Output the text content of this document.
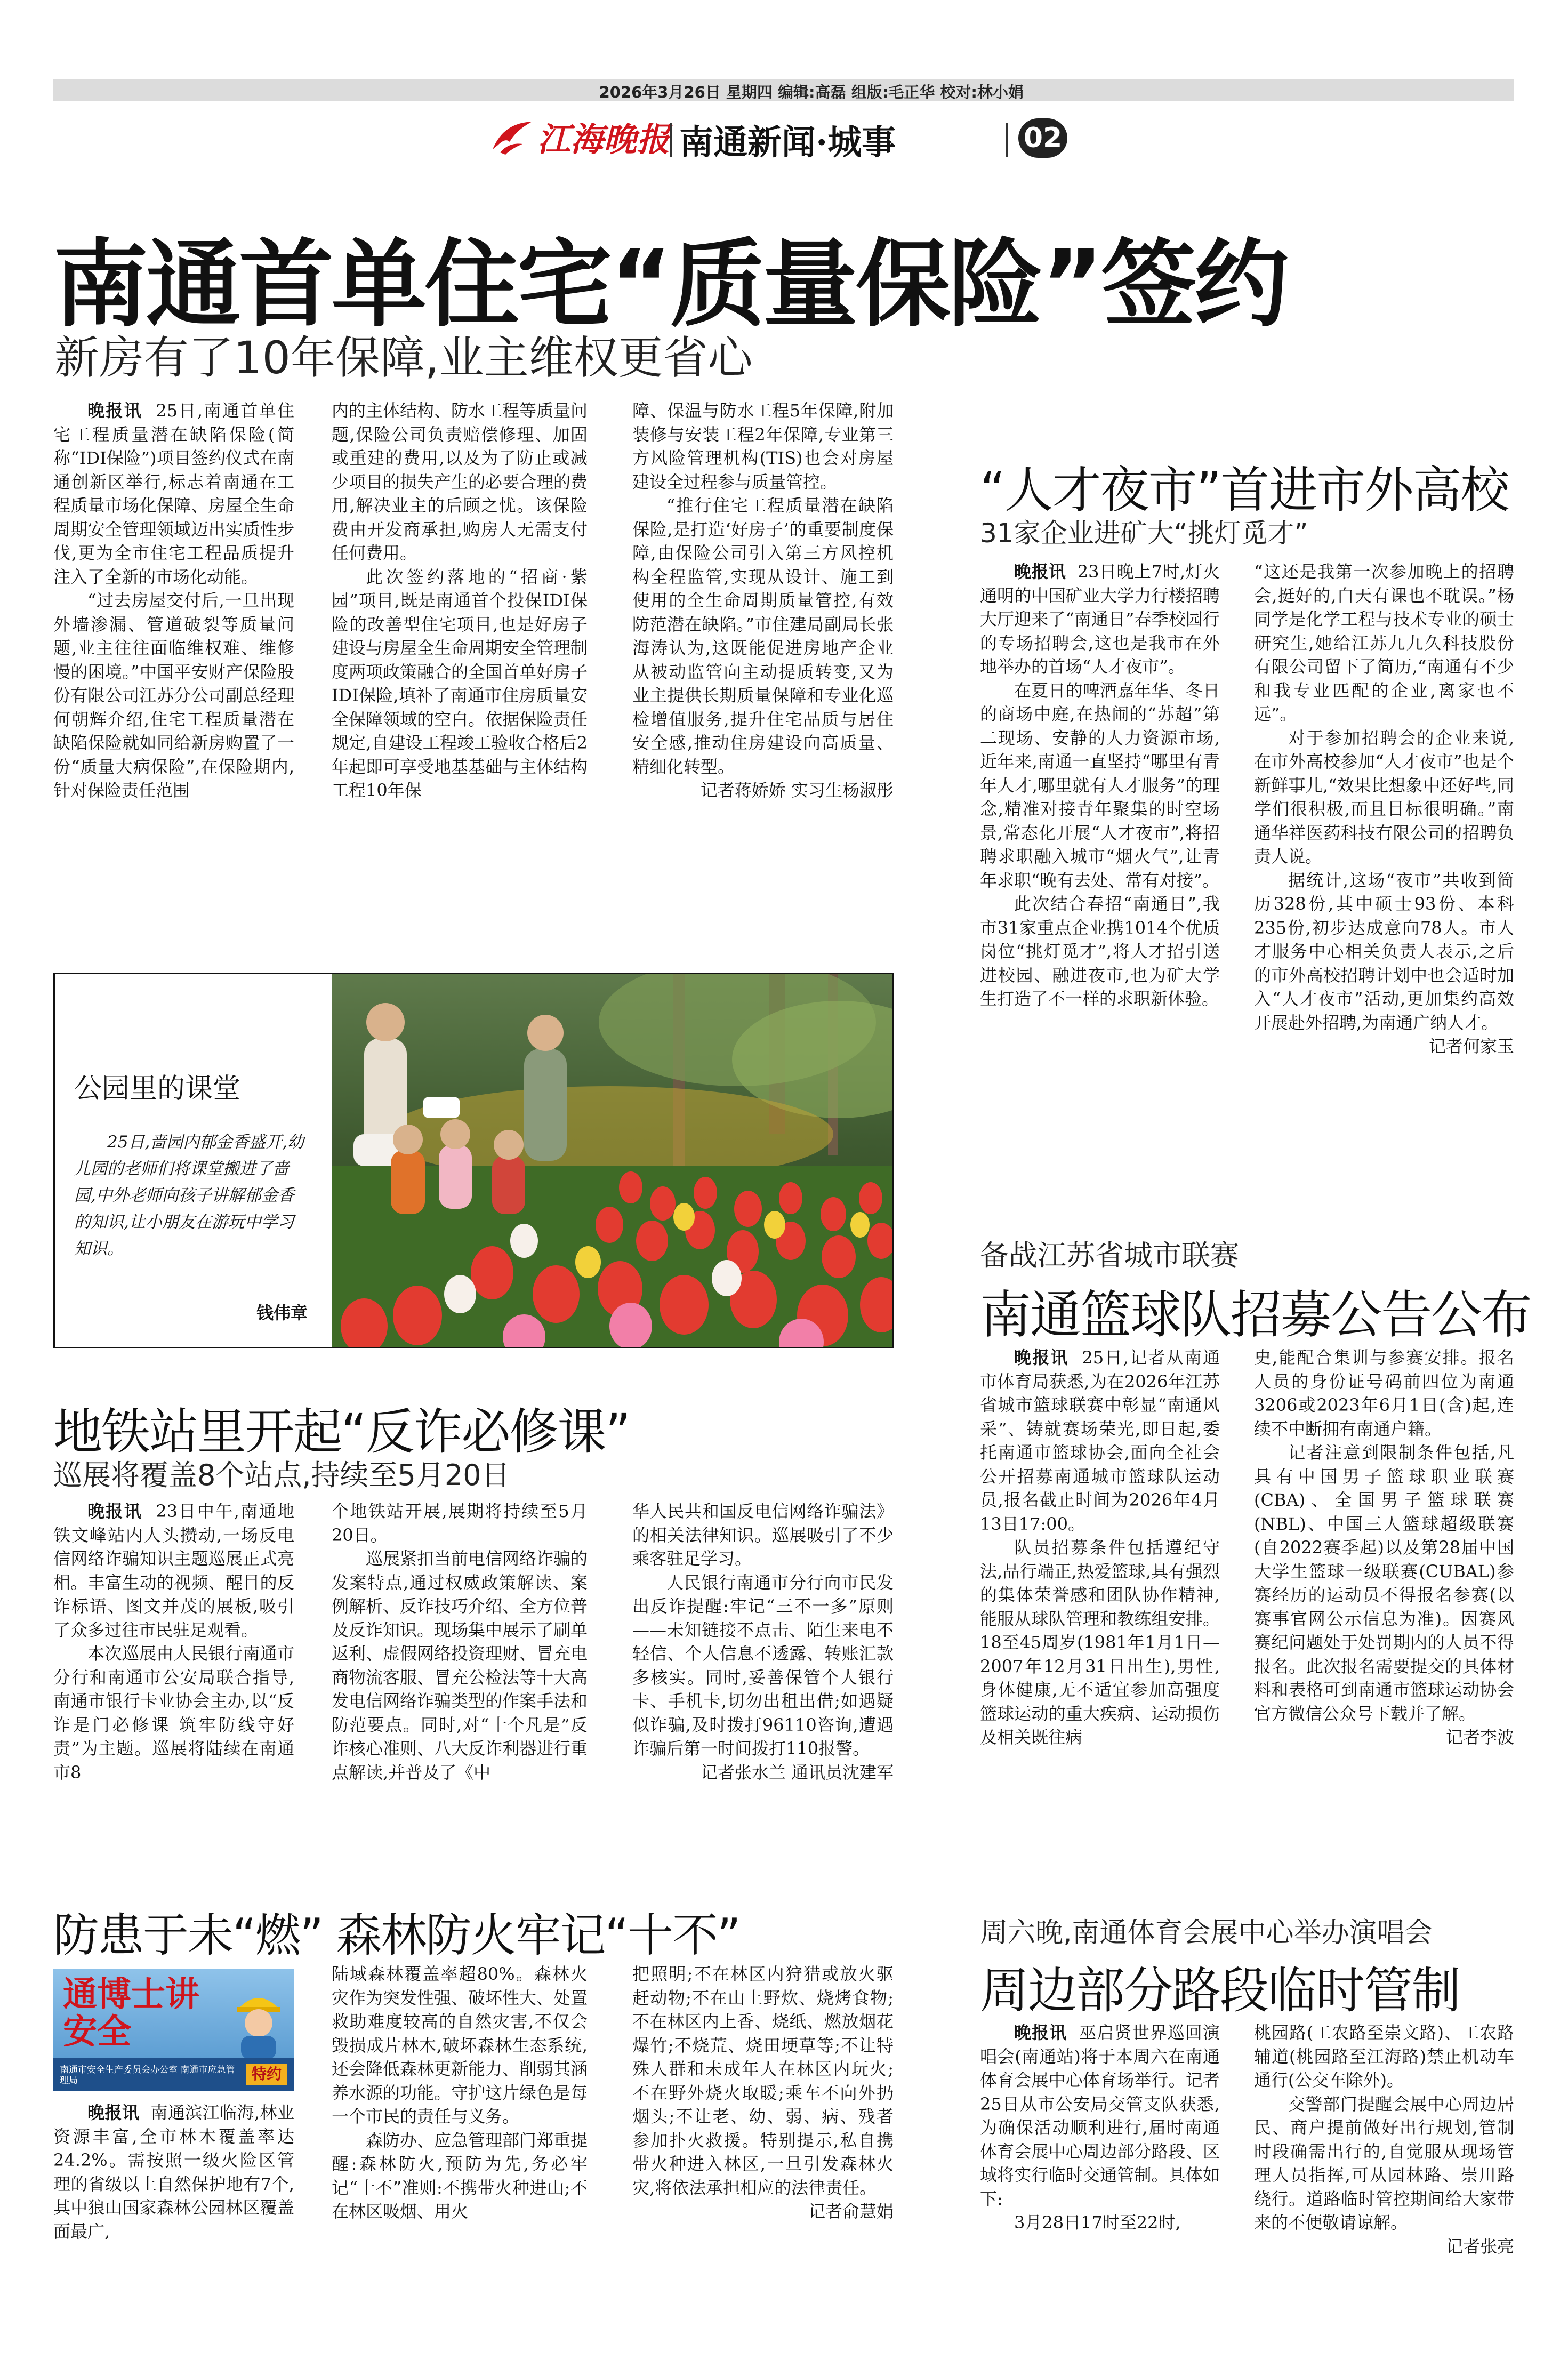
2026年3月26日 星期四 编辑:高磊 组版:毛正华 校对:林小娟
江海晚报 南通新闻·城事	02
南通首单住宅“质量保险”签约
新房有了10年保障,业主维权更省心

晚报讯 25日,南通首单住宅工程质量潜在缺陷保险(简称“IDI保险”)项目签约仪式在南通创新区举行,标志着南通在工程质量市场化保障、房屋全生命周期安全管理领域迈出实质性步伐,更为全市住宅工程品质提升注入了全新的市场化动能。

“过去房屋交付后,一旦出现外墙渗漏、管道破裂等质量问题,业主往往面临维权难、维修慢的困境。”中国平安财产保险股份有限公司江苏分公司副总经理何朝辉介绍,住宅工程质量潜在缺陷保险就如同给新房购置了一份“质量大病保险”,在保险期内,针对保险责任范围

内的主体结构、防水工程等质量问题,保险公司负责赔偿修理、加固或重建的费用,以及为了防止或减少项目的损失产生的必要合理的费用,解决业主的后顾之忧。该保险费由开发商承担,购房人无需支付任何费用。

此次签约落地的“招商·紫园”项目,既是南通首个投保IDI保险的改善型住宅项目,也是好房子建设与房屋全生命周期安全管理制度两项政策融合的全国首单好房子IDI保险,填补了南通市住房质量安全保障领域的空白。依据保险责任规定,自建设工程竣工验收合格后2年起即可享受地基基础与主体结构工程10年保

障、保温与防水工程5年保障,附加装修与安装工程2年保障,专业第三方风险管理机构(TIS)也会对房屋建设全过程参与质量管控。

“推行住宅工程质量潜在缺陷保险,是打造‘好房子’的重要制度保障,由保险公司引入第三方风控机构全程监管,实现从设计、施工到使用的全生命周期质量管控,有效防范潜在缺陷。”市住建局副局长张海涛认为,这既能促进房地产企业从被动监管向主动提质转变,又为业主提供长期质量保障和专业化巡检增值服务,提升住宅品质与居住安全感,推动住房建设向高质量、精细化转型。

记者蒋娇娇 实习生杨淑彤

公园里的课堂
25日,啬园内郁金香盛开,幼儿园的老师们将课堂搬进了啬园,中外老师向孩子讲解郁金香的知识,让小朋友在游玩中学习知识。
钱伟章
“人才夜市”首进市外高校
31家企业进矿大“挑灯觅才”

晚报讯 23日晚上7时,灯火通明的中国矿业大学力行楼招聘大厅迎来了“南通日”春季校园行的专场招聘会,这也是我市在外地举办的首场“人才夜市”。

在夏日的啤酒嘉年华、冬日的商场中庭,在热闹的“苏超”第二现场、安静的人力资源市场,近年来,南通一直坚持“哪里有青年人才,哪里就有人才服务”的理念,精准对接青年聚集的时空场景,常态化开展“人才夜市”,将招聘求职融入城市“烟火气”,让青年求职“晚有去处、常有对接”。

此次结合春招“南通日”,我市31家重点企业携1014个优质岗位“挑灯觅才”,将人才招引送进校园、融进夜市,也为矿大学生打造了不一样的求职新体验。

“这还是我第一次参加晚上的招聘会,挺好的,白天有课也不耽误。”杨同学是化学工程与技术专业的硕士研究生,她给江苏九九久科技股份有限公司留下了简历,“南通有不少和我专业匹配的企业,离家也不远”。

对于参加招聘会的企业来说,在市外高校参加“人才夜市”也是个新鲜事儿,“效果比想象中还好些,同学们很积极,而且目标很明确。”南通华祥医药科技有限公司的招聘负责人说。

据统计,这场“夜市”共收到简历328份,其中硕士93份、本科235份,初步达成意向78人。市人才服务中心相关负责人表示,之后的市外高校招聘计划中也会适时加入“人才夜市”活动,更加集约高效开展赴外招聘,为南通广纳人才。

记者何家玉

备战江苏省城市联赛
南通篮球队招募公告公布

晚报讯 25日,记者从南通市体育局获悉,为在2026年江苏省城市篮球联赛中彰显“南通风采”、铸就赛场荣光,即日起,委托南通市篮球协会,面向全社会公开招募南通城市篮球队运动员,报名截止时间为2026年4月13日17:00。

队员招募条件包括遵纪守法,品行端正,热爱篮球,具有强烈的集体荣誉感和团队协作精神,能服从球队管理和教练组安排。18至45周岁(1981年1月1日—2007年12月31日出生),男性,身体健康,无不适宜参加高强度篮球运动的重大疾病、运动损伤及相关既往病

史,能配合集训与参赛安排。报名人员的身份证号码前四位为南通3206或2023年6月1日(含)起,连续不中断拥有南通户籍。

记者注意到限制条件包括,凡具有中国男子篮球职业联赛(CBA)、全国男子篮球联赛(NBL)、中国三人篮球超级联赛(自2022赛季起)以及第28届中国大学生篮球一级联赛(CUBAL)参赛经历的运动员不得报名参赛(以赛事官网公示信息为准)。因赛风赛纪问题处于处罚期内的人员不得报名。此次报名需要提交的具体材料和表格可到南通市篮球运动协会官方微信公众号下载并了解。

记者李波

地铁站里开起“反诈必修课”
巡展将覆盖8个站点,持续至5月20日

晚报讯 23日中午,南通地铁文峰站内人头攒动,一场反电信网络诈骗知识主题巡展正式亮相。丰富生动的视频、醒目的反诈标语、图文并茂的展板,吸引了众多过往市民驻足观看。

本次巡展由人民银行南通市分行和南通市公安局联合指导,南通市银行卡业协会主办,以“反诈是门必修课 筑牢防线守好责”为主题。巡展将陆续在南通市8

个地铁站开展,展期将持续至5月20日。

巡展紧扣当前电信网络诈骗的发案特点,通过权威政策解读、案例解析、反诈技巧介绍、全方位普及反诈知识。现场集中展示了刷单返利、虚假网络投资理财、冒充电商物流客服、冒充公检法等十大高发电信网络诈骗类型的作案手法和防范要点。同时,对“十个凡是”反诈核心准则、八大反诈利器进行重点解读,并普及了《中

华人民共和国反电信网络诈骗法》的相关法律知识。巡展吸引了不少乘客驻足学习。

人民银行南通市分行向市民发出反诈提醒:牢记“三不一多”原则——未知链接不点击、陌生来电不轻信、个人信息不透露、转账汇款多核实。同时,妥善保管个人银行卡、手机卡,切勿出租出借;如遇疑似诈骗,及时拨打96110咨询,遭遇诈骗后第一时间拨打110报警。

记者张水兰 通讯员沈建军

防患于未“燃” 森林防火牢记“十不”
通博士讲安全
南通市安全生产委员会办公室 南通市应急管理局	特约

晚报讯 南通滨江临海,林业资源丰富,全市林木覆盖率达24.2%。需按照一级火险区管理的省级以上自然保护地有7个,其中狼山国家森林公园林区覆盖面最广,

陆域森林覆盖率超80%。森林火灾作为突发性强、破坏性大、处置救助难度较高的自然灾害,不仅会毁损成片林木,破坏森林生态系统,还会降低森林更新能力、削弱其涵养水源的功能。守护这片绿色是每一个市民的责任与义务。

森防办、应急管理部门郑重提醒:森林防火,预防为先,务必牢记“十不”准则:不携带火种进山;不在林区吸烟、用火

把照明;不在林区内狩猎或放火驱赶动物;不在山上野炊、烧烤食物;不在林区内上香、烧纸、燃放烟花爆竹;不烧荒、烧田埂草等;不让特殊人群和未成年人在林区内玩火;不在野外烧火取暖;乘车不向外扔烟头;不让老、幼、弱、病、残者参加扑火救援。特别提示,私自携带火种进入林区,一旦引发森林火灾,将依法承担相应的法律责任。

记者俞慧娟

周六晚,南通体育会展中心举办演唱会
周边部分路段临时管制

晚报讯 巫启贤世界巡回演唱会(南通站)将于本周六在南通体育会展中心体育场举行。记者25日从市公安局交管支队获悉,为确保活动顺利进行,届时南通体育会展中心周边部分路段、区域将实行临时交通管制。具体如下:

3月28日17时至22时,

桃园路(工农路至崇文路)、工农路辅道(桃园路至江海路)禁止机动车通行(公交车除外)。

交警部门提醒会展中心周边居民、商户提前做好出行规划,管制时段确需出行的,自觉服从现场管理人员指挥,可从园林路、崇川路绕行。道路临时管控期间给大家带来的不便敬请谅解。

记者张亮
